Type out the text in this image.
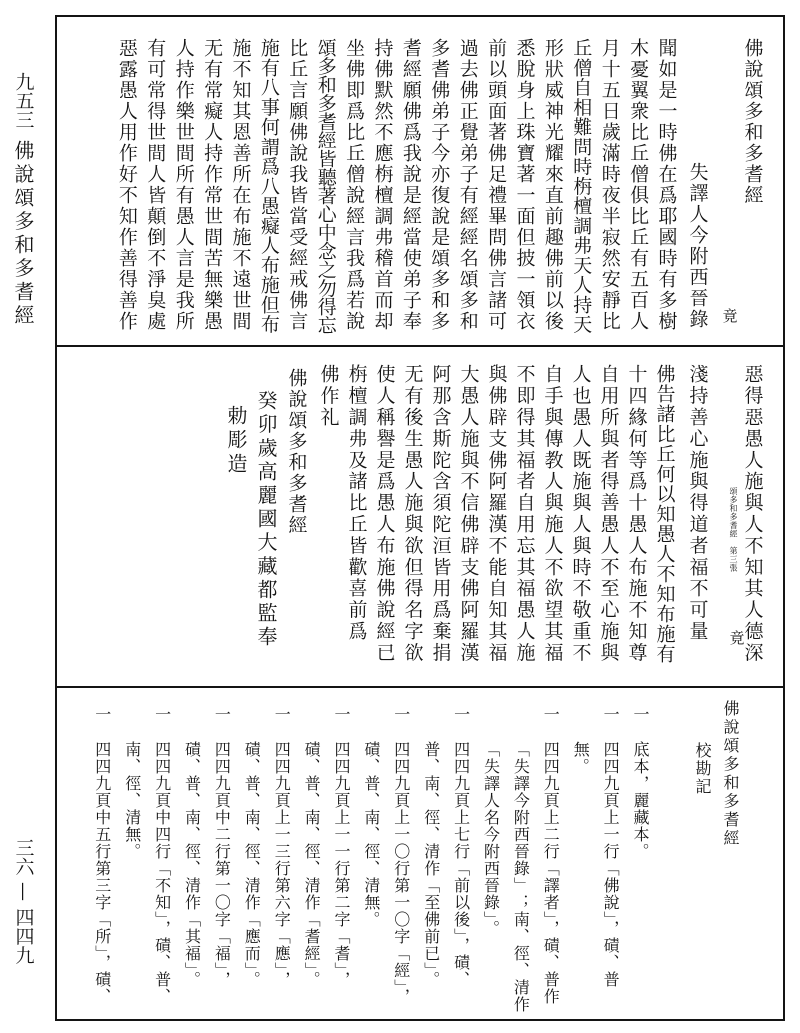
九五三
佛說頌多和多耆經
三六 — 四四九
佛說頌多和多耆經
竟
失譯人今附西晉錄
聞如是一時佛在爲耶國時有多樹
木憂翼衆比丘僧俱比丘有五百人
月十五日歲滿時夜半寂然安靜比
丘僧自相難問時栴檀調弗天人持天
形狀威神光耀來直前趣佛前以後
悉脫身上珠寶著一面但披一領衣
前以頭面著佛足禮畢問佛言諸可
過去佛正覺弟子有經經名頌多和
多耆佛弟子今亦復說是頌多和多
耆經願佛爲我說是經當使弟子奉
持佛默然不應栴檀調弗稽首而却
坐佛即爲比丘僧說經言我爲若說
頌多和多耆經皆聽著心中念之勿得忘
比丘言願佛說我皆當受經戒佛言
施有八事何謂爲八愚癡人布施但布
施不知其恩善所在布施不遠世間
无有常癡人持作常世間苦無樂愚
人持作樂世間所有愚人言是我所
有可常得世間人皆顛倒不淨臭處
惡露愚人用作好不知作善得善作
惡得惡愚人施與人不知其人德深
淺持善心施與得道者福不可量	頌多和多耆經　第三張
竟
佛告諸比丘何以知愚人不知布施有
十四緣何等爲十愚人布施不知尊
自用所與者得善愚人不至心施與
人也愚人既施與人與時不敬重不
自手與傳教人與施人不欲望其福
不即得其福者自用忘其福愚人施
與佛辟支佛阿羅漢不能自知其福
大愚人施與不信佛辟支佛阿羅漢
阿那含斯陀含須陀洹皆用爲棄捐
无有後生愚人施與欲但得名字欲
使人稱譽是爲愚人布施佛說經已
栴檀調弗及諸比丘皆歡喜前爲
佛作礼
佛說頌多和多耆經
癸卯歲高麗國大藏都監奉
勅彫造
佛說頌多和多耆經
校勘記
一
底本，麗藏本。
一
四四九頁上一行「佛說」，磧、普
無。
一
四四九頁上二行「譯者」，磧、普作
「失譯今附西晉錄」；南、徑、清作
「失譯人名今附西晉錄」。
一
四四九頁上七行「前以後」，磧、
普、南、徑、清作「至佛前已」。
一
四四九頁上一〇行第一〇字「經」，
磧、普、南、徑、清無。
一
四四九頁上一一行第二字「耆」，
磧、普、南、徑、清作「耆經」。
一
四四九頁上一三行第六字「應」，
磧、普、南、徑、清作「應而」。
一
四四九頁中二行第一〇字「福」，
磧、普、南、徑、清作「其福」。
一
四四九頁中四行「不知」，磧、普、
南、徑、清無。
一
四四九頁中五行第三字「所」，磧、
